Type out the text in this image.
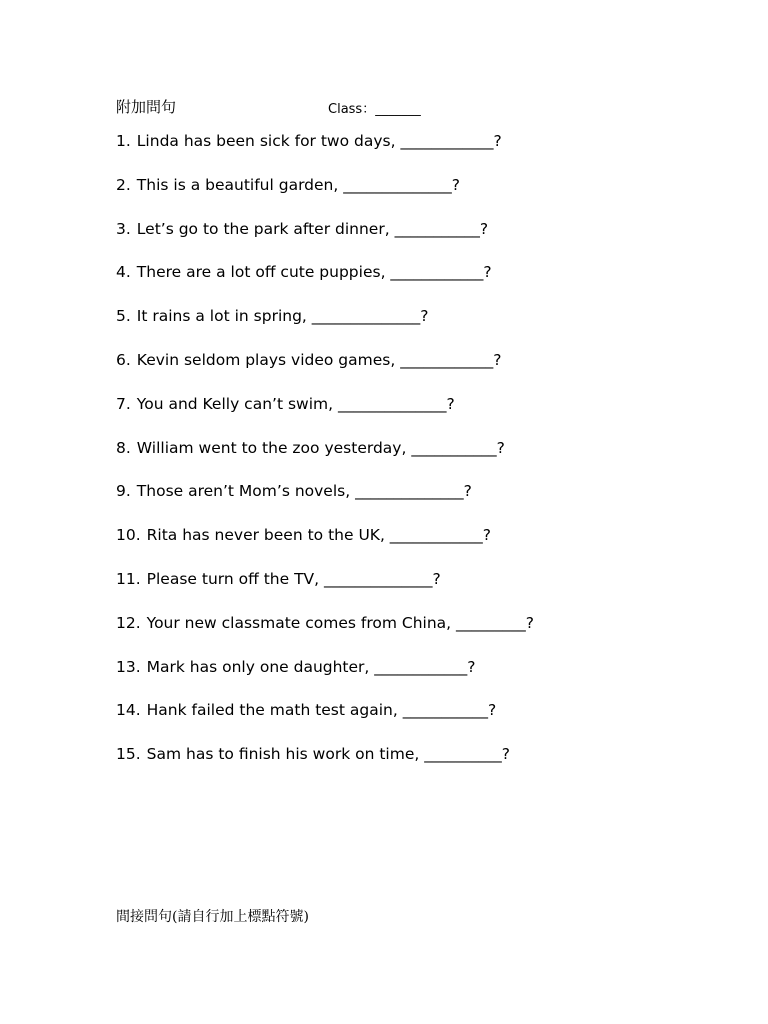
附加問句	Class：_______
1. Linda has been sick for two days, ____________?
2. This is a beautiful garden, ______________?
3. Let’s go to the park after dinner, ___________?
4. There are a lot off cute puppies, ____________?
5. It rains a lot in spring, ______________?
6. Kevin seldom plays video games, ____________?
7. You and Kelly can’t swim, ______________?
8. William went to the zoo yesterday, ___________?
9. Those aren’t Mom’s novels, ______________?
10. Rita has never been to the UK, ____________?
11. Please turn off the TV, ______________?
12. Your new classmate comes from China, _________?
13. Mark has only one daughter, ____________?
14. Hank failed the math test again, ___________?
15. Sam has to finish his work on time, __________?
間接問句(請自行加上標點符號)
